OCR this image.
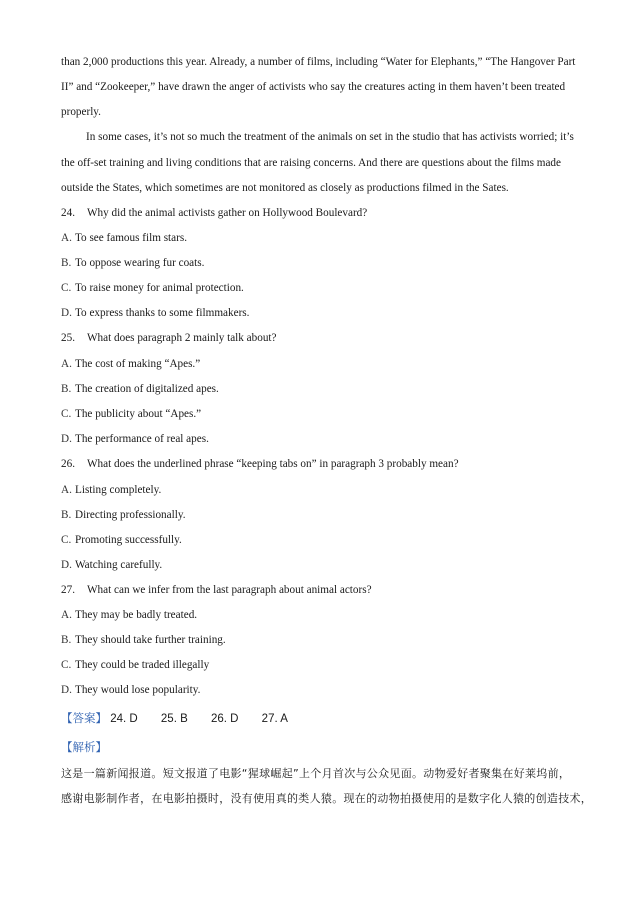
than 2,000 productions this year. Already, a number of films, including “Water for Elephants,” “The Hangover Part
II” and “Zookeeper,” have drawn the anger of activists who say the creatures acting in them haven’t been treated
properly.
In some cases, it’s not so much the treatment of the animals on set in the studio that has activists worried; it’s
the off-set training and living conditions that are raising concerns. And there are questions about the films made
outside the States, which sometimes are not monitored as closely as productions filmed in the Sates.
24. Why did the animal activists gather on Hollywood Boulevard?
A. To see famous film stars.
B. To oppose wearing fur coats.
C. To raise money for animal protection.
D. To express thanks to some filmmakers.
25. What does paragraph 2 mainly talk about?
A. The cost of making “Apes.”
B. The creation of digitalized apes.
C. The publicity about “Apes.”
D. The performance of real apes.
26. What does the underlined phrase “keeping tabs on” in paragraph 3 probably mean?
A. Listing completely.
B. Directing professionally.
C. Promoting successfully.
D. Watching carefully.
27. What can we infer from the last paragraph about animal actors?
A. They may be badly treated.
B. They should take further training.
C. They could be traded illegally
D. They would lose popularity.
【答案】 24. D 25. B 26. D 27. A
【解析】
这是一篇新闻报道。短文报道了电影“猩球崛起”上个月首次与公众见面。动物爱好者聚集在好莱坞前，
感谢电影制作者，在电影拍摄时，没有使用真的类人猿。现在的动物拍摄使用的是数字化人猿的创造技术，
